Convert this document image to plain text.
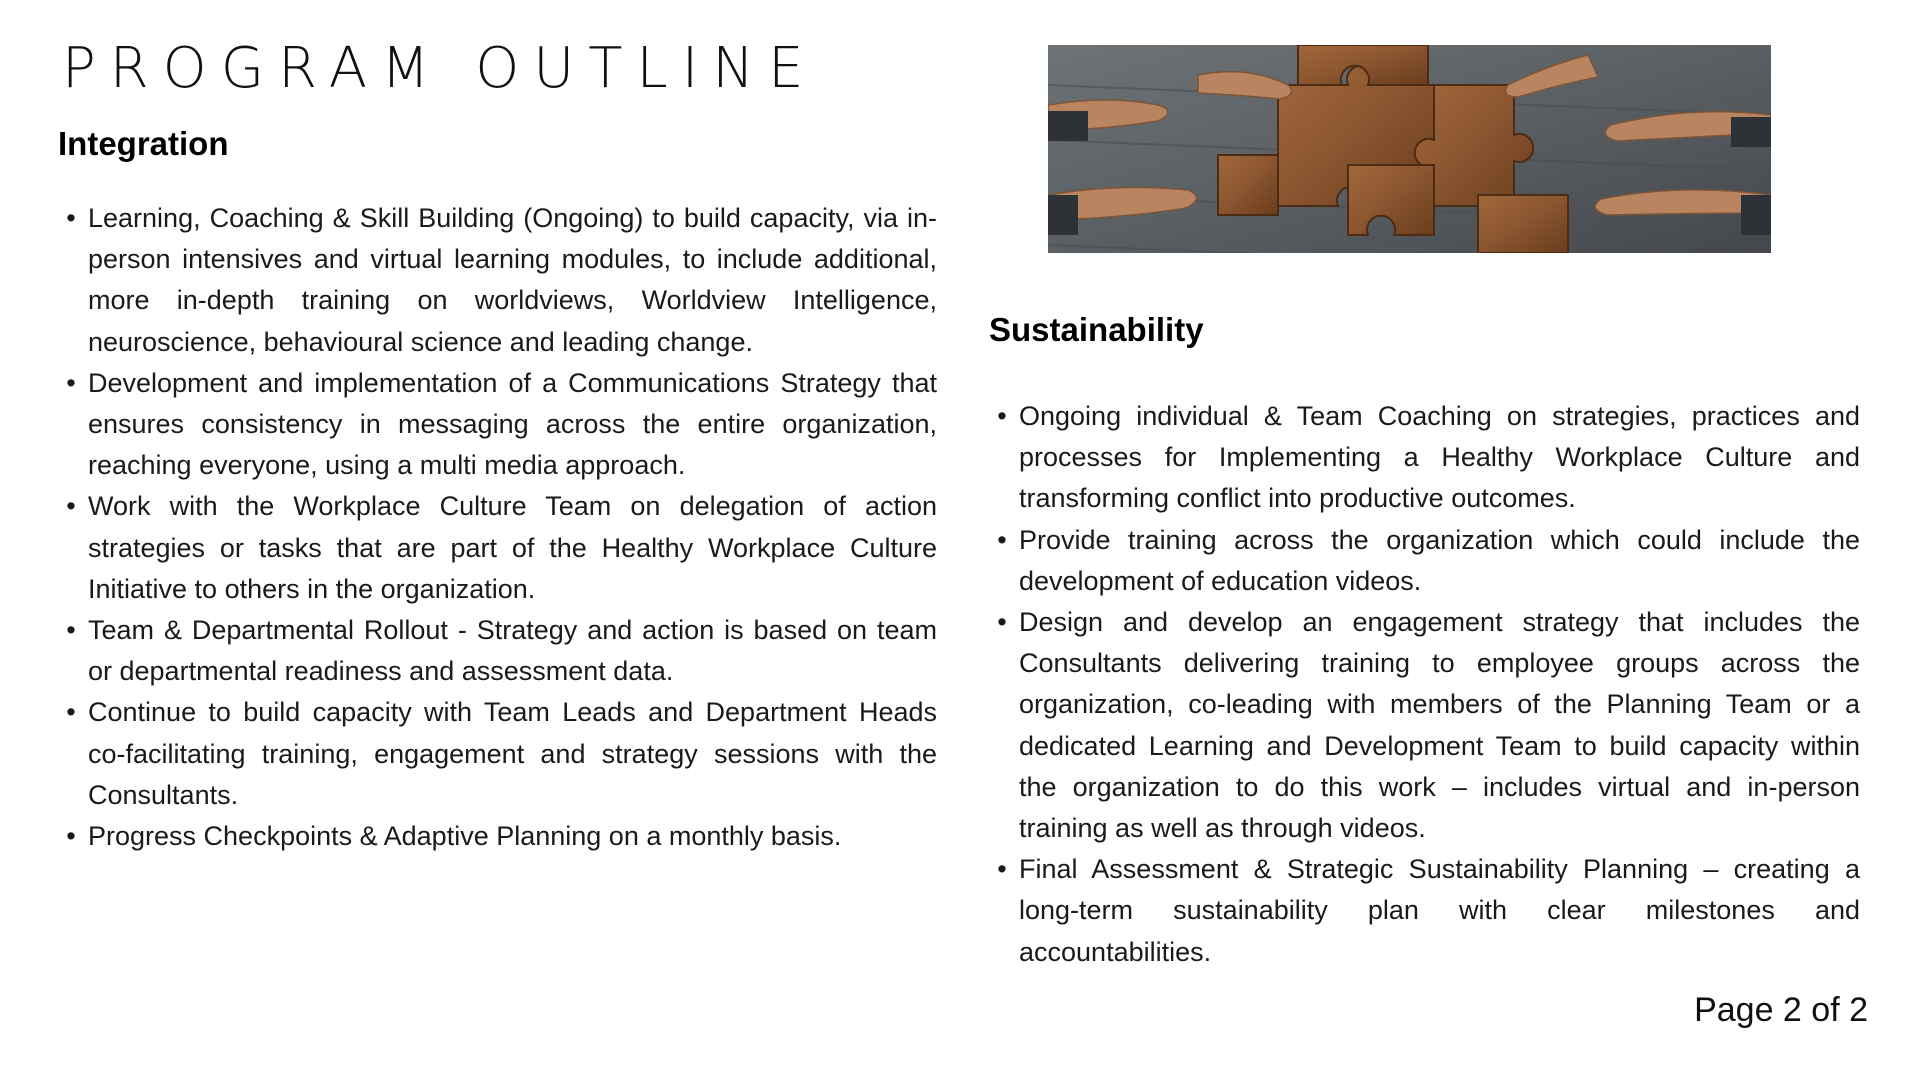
PROGRAM OUTLINE
Integration
• Learning, Coaching & Skill Building (Ongoing) to build capacity, via in-person intensives and virtual learning modules, to include additional, more in-depth training on worldviews, Worldview Intelligence, neuroscience, behavioural science and leading change.
• Development and implementation of a Communications Strategy that ensures consistency in messaging across the entire organization, reaching everyone, using a multi media approach.
• Work with the Workplace Culture Team on delegation of action strategies or tasks that are part of the Healthy Workplace Culture Initiative to others in the organization.
• Team & Departmental Rollout - Strategy and action is based on team or departmental readiness and assessment data.
• Continue to build capacity with Team Leads and Department Heads co-facilitating training, engagement and strategy sessions with the Consultants.
• Progress Checkpoints & Adaptive Planning on a monthly basis.
Sustainability
• Ongoing individual & Team Coaching on strategies, practices and processes for Implementing a Healthy Workplace Culture and transforming conflict into productive outcomes.
• Provide training across the organization which could include the development of education videos.
• Design and develop an engagement strategy that includes the Consultants delivering training to employee groups across the organization, co-leading with members of the Planning Team or a dedicated Learning and Development Team to build capacity within the organization to do this work – includes virtual and in-person training as well as through videos.
• Final Assessment & Strategic Sustainability Planning – creating a long-term sustainability plan with clear milestones and accountabilities.
Page 2 of 2
